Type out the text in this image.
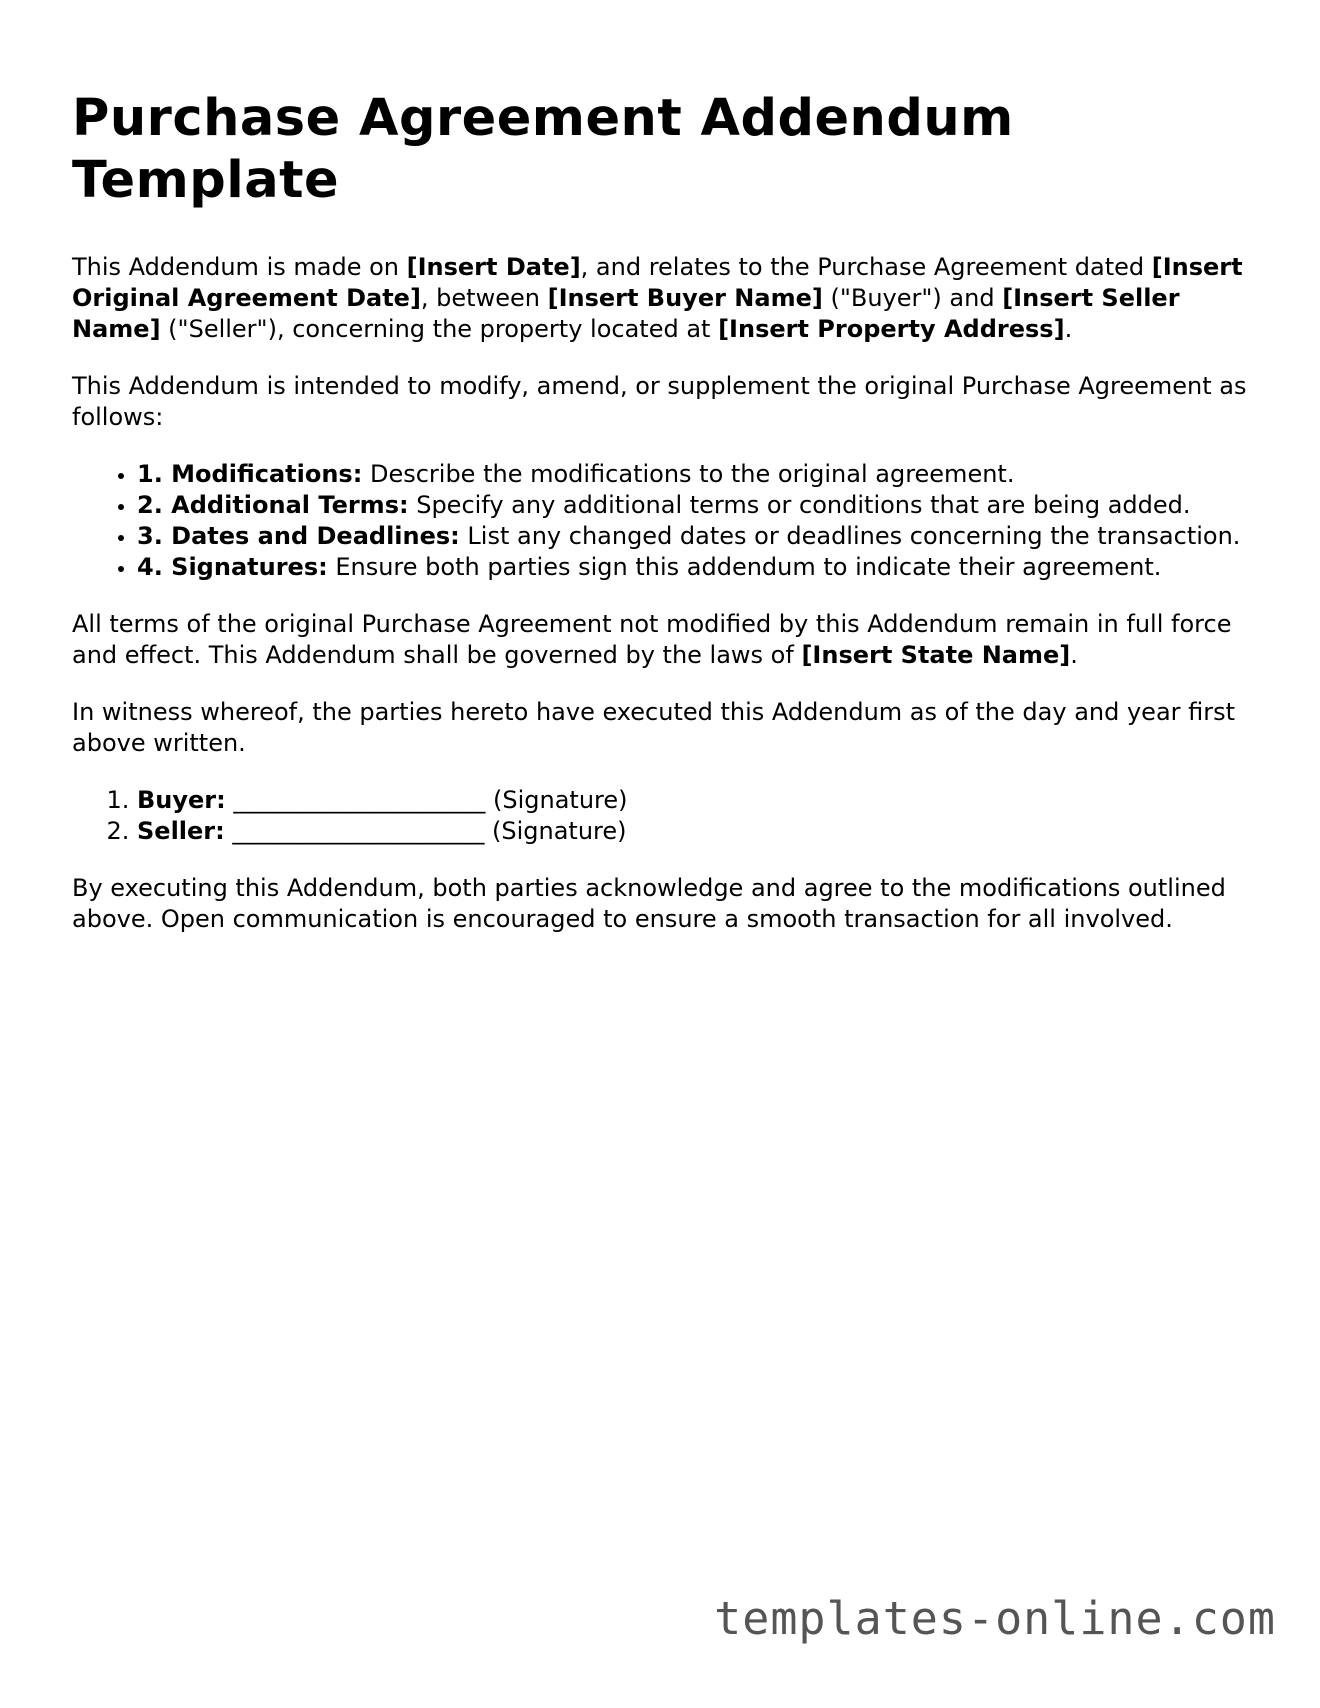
Purchase Agreement Addendum Template

This Addendum is made on [Insert Date], and relates to the Purchase Agreement dated [Insert Original Agreement Date], between [Insert Buyer Name] ("Buyer") and [Insert Seller Name] ("Seller"), concerning the property located at [Insert Property Address].

This Addendum is intended to modify, amend, or supplement the original Purchase Agreement as follows:

• 1. Modifications: Describe the modifications to the original agreement.
• 2. Additional Terms: Specify any additional terms or conditions that are being added.
• 3. Dates and Deadlines: List any changed dates or deadlines concerning the transaction.
• 4. Signatures: Ensure both parties sign this addendum to indicate their agreement.

All terms of the original Purchase Agreement not modified by this Addendum remain in full force and effect. This Addendum shall be governed by the laws of [Insert State Name].

In witness whereof, the parties hereto have executed this Addendum as of the day and year first above written.

1. Buyer: _____________________ (Signature)
2. Seller: _____________________ (Signature)

By executing this Addendum, both parties acknowledge and agree to the modifications outlined above. Open communication is encouraged to ensure a smooth transaction for all involved.

templates-online.com
